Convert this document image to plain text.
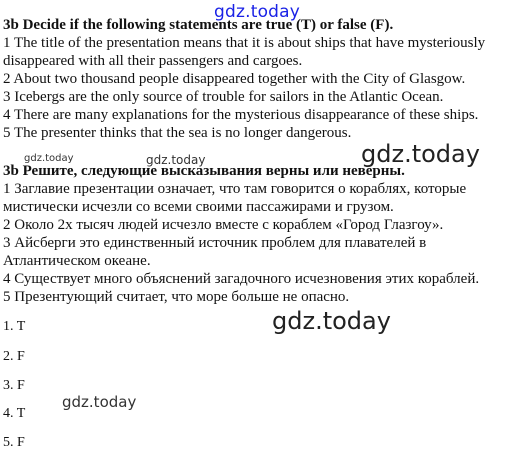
3b Decide if the following statements are true (T) or false (F).
1 The title of the presentation means that it is about ships that have mysteriously
disappeared with all their passengers and cargoes.
2 About two thousand people disappeared together with the City of Glasgow.
3 Icebergs are the only source of trouble for sailors in the Atlantic Ocean.
4 There are many explanations for the mysterious disappearance of these ships.
5 The presenter thinks that the sea is no longer dangerous.
3b Решите, следующие высказывания верны или неверны.
1 Заглавие презентации означает, что там говорится о кораблях, которые
мистически исчезли со всеми своими пассажирами и грузом.
2 Около 2х тысяч людей исчезло вместе с кораблем «Город Глазгоу».
3 Айсберги это единственный источник проблем для плавателей в
Атлантическом океане.
4 Существует много объяснений загадочного исчезновения этих кораблей.
5 Презентующий считает, что море больше не опасно.
1. T
2. F
3. F
4. T
5. F
gdz.today
gdz.today
gdz.today	gdz.today
gdz.today
gdz.today
